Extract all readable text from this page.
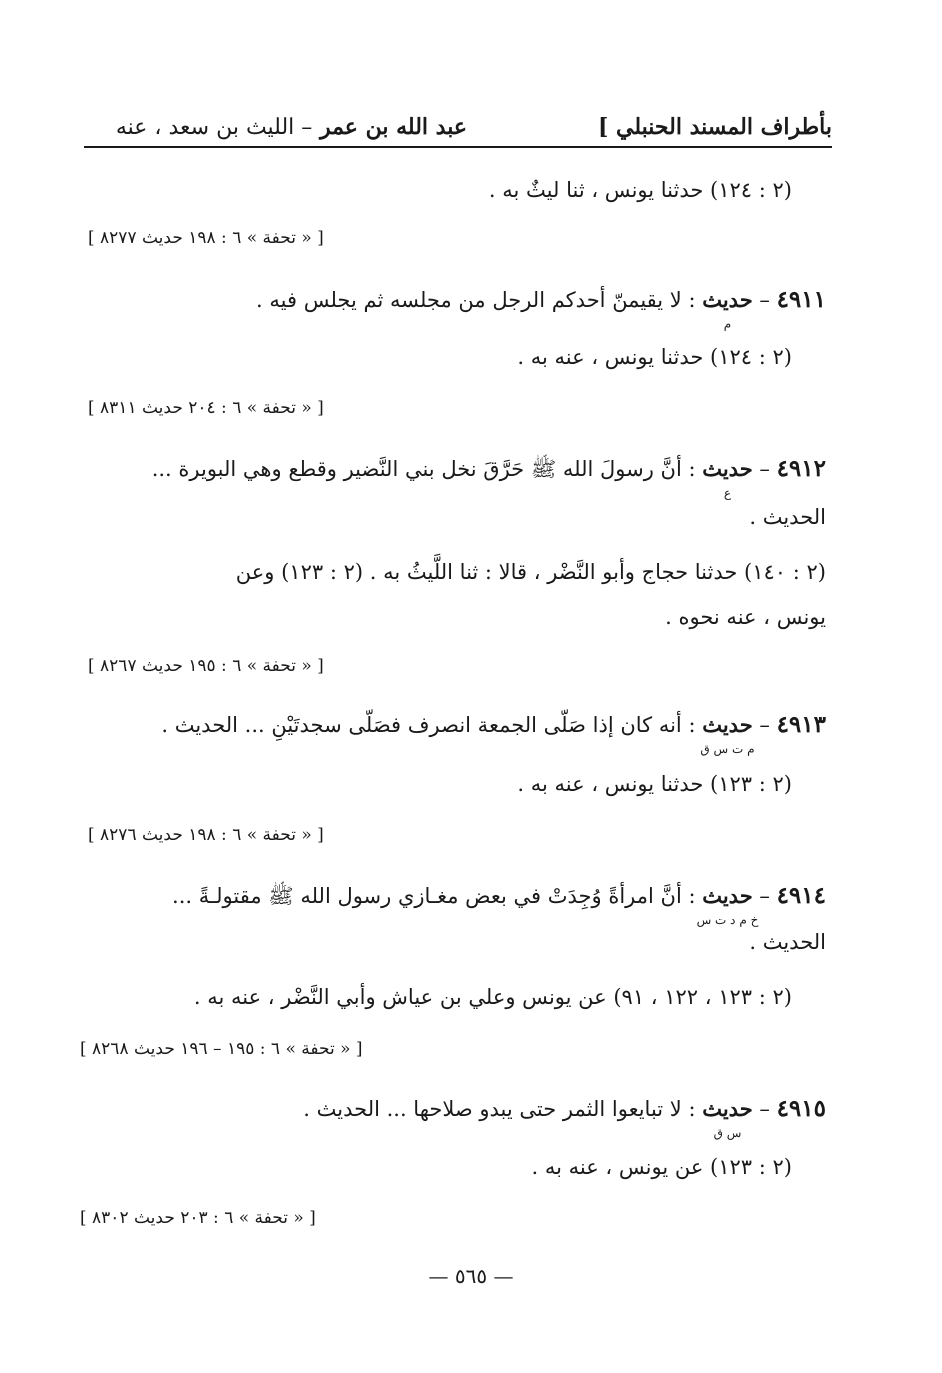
بأطراف المسند الحنبلي ]
عبد الله بن عمر – الليث بن سعد ، عنه
(٢ : ١٢٤) حدثنا يونس ، ثنا ليثٌ به .
[ « تحفة » ٦ : ١٩٨ حديث ٨٢٧٧ ]
٤٩١١ – حديث
م
: لا يقيمنّ أحدكم الرجل من مجلسه ثم يجلس فيه .
(٢ : ١٢٤) حدثنا يونس ، عنه به .
[ « تحفة » ٦ : ٢٠٤ حديث ٨٣١١ ]
٤٩١٢ – حديث
ع
: أنَّ رسولَ الله ﷺ حَرَّقَ نخل بني النَّضير وقطع وهي البويرة ...
الحديث .
(٢ : ١٤٠) حدثنا حجاج وأبو النَّضْر ، قالا : ثنا اللَّيثُ به . (٢ : ١٢٣) وعن
يونس ، عنه نحوه .
[ « تحفة » ٦ : ١٩٥ حديث ٨٢٦٧ ]
٤٩١٣ – حديث
م ت س ق
: أنه كان إذا صَلّى الجمعة انصرف فصَلّى سجدتَيْنِ ... الحديث .
(٢ : ١٢٣) حدثنا يونس ، عنه به .
[ « تحفة » ٦ : ١٩٨ حديث ٨٢٧٦ ]
٤٩١٤ – حديث
خ م د ت س
: أنَّ امرأةً وُجِدَتْ في بعض مغـازي رسول الله ﷺ مقتولـةً ...
الحديث .
(٢ : ١٢٣ ، ١٢٢ ، ٩١) عن يونس وعلي بن عياش وأبي النَّضْر ، عنه به .
[ « تحفة » ٦ : ١٩٥ – ١٩٦ حديث ٨٢٦٨ ]
٤٩١٥ – حديث
س ق
: لا تبايعوا الثمر حتى يبدو صلاحها ... الحديث .
(٢ : ١٢٣) عن يونس ، عنه به .
[ « تحفة » ٦ : ٢٠٣ حديث ٨٣٠٢ ]
— ٥٦٥ —
